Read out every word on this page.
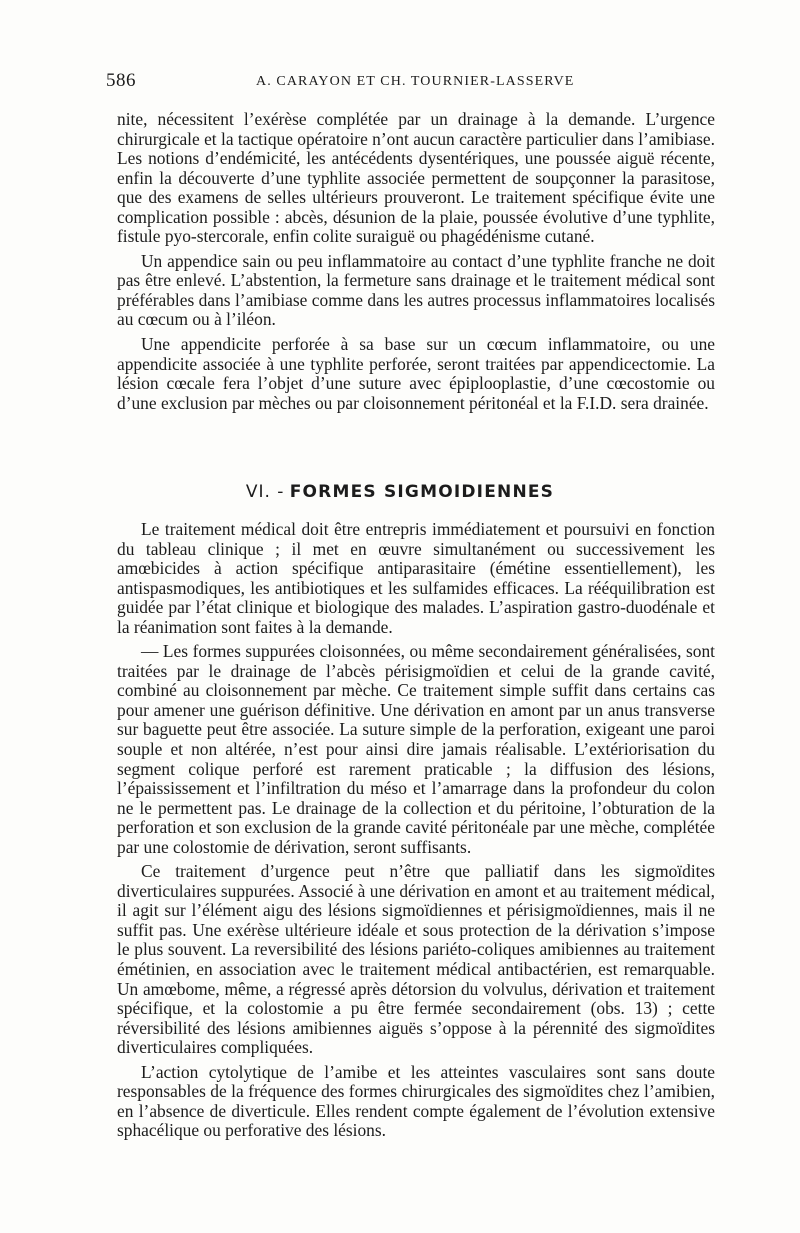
586	A. CARAYON ET CH. TOURNIER-LASSERVE

nite, nécessitent l’exérèse complétée par un drainage à la demande. L’urgence chirurgicale et la tactique opératoire n’ont aucun caractère particulier dans l’amibiase. Les notions d’endémicité, les antécédents dysentériques, une poussée aiguë récente, enfin la découverte d’une typhlite associée permettent de soupçonner la parasitose, que des examens de selles ultérieurs prouveront. Le traitement spécifique évite une complication possible : abcès, désunion de la plaie, poussée évolutive d’une typhlite, fistule pyo-stercorale, enfin colite suraiguë ou phagédénisme cutané.

Un appendice sain ou peu inflammatoire au contact d’une typhlite franche ne doit pas être enlevé. L’abstention, la fermeture sans drainage et le traitement médical sont préférables dans l’amibiase comme dans les autres processus inflammatoires localisés au cœcum ou à l’iléon.

Une appendicite perforée à sa base sur un cœcum inflammatoire, ou une appendicite associée à une typhlite perforée, seront traitées par appendicectomie. La lésion cœcale fera l’objet d’une suture avec épiplooplastie, d’une cœcostomie ou d’une exclusion par mèches ou par cloisonnement péritonéal et la F.I.D. sera drainée.

VI. - FORMES SIGMOIDIENNES

Le traitement médical doit être entrepris immédiatement et poursuivi en fonction du tableau clinique ; il met en œuvre simultanément ou successivement les amœbicides à action spécifique antiparasitaire (émétine essentiellement), les antispasmodiques, les antibiotiques et les sulfamides efficaces. La rééquilibration est guidée par l’état clinique et biologique des malades. L’aspiration gastro-duodénale et la réanimation sont faites à la demande.

— Les formes suppurées cloisonnées, ou même secondairement généralisées, sont traitées par le drainage de l’abcès périsigmoïdien et celui de la grande cavité, combiné au cloisonnement par mèche. Ce traitement simple suffit dans certains cas pour amener une guérison définitive. Une dérivation en amont par un anus transverse sur baguette peut être associée. La suture simple de la perforation, exigeant une paroi souple et non altérée, n’est pour ainsi dire jamais réalisable. L’extériorisation du segment colique perforé est rarement praticable ; la diffusion des lésions, l’épaississement et l’infiltration du méso et l’amarrage dans la profondeur du colon ne le permettent pas. Le drainage de la collection et du péritoine, l’obturation de la perforation et son exclusion de la grande cavité péritonéale par une mèche, complétée par une colostomie de dérivation, seront suffisants.

Ce traitement d’urgence peut n’être que palliatif dans les sigmoïdites diverticulaires suppurées. Associé à une dérivation en amont et au traitement médical, il agit sur l’élément aigu des lésions sigmoïdiennes et périsigmoïdiennes, mais il ne suffit pas. Une exérèse ultérieure idéale et sous protection de la dérivation s’impose le plus souvent. La reversibilité des lésions pariéto-coliques amibiennes au traitement émétinien, en association avec le traitement médical antibactérien, est remarquable. Un amœbome, même, a régressé après détorsion du volvulus, dérivation et traitement spécifique, et la colostomie a pu être fermée secondairement (obs. 13) ; cette réversibilité des lésions amibiennes aiguës s’oppose à la pérennité des sigmoïdites diverticulaires compliquées.

L’action cytolytique de l’amibe et les atteintes vasculaires sont sans doute responsables de la fréquence des formes chirurgicales des sigmoïdites chez l’amibien, en l’absence de diverticule. Elles rendent compte également de l’évolution extensive sphacélique ou perforative des lésions.
